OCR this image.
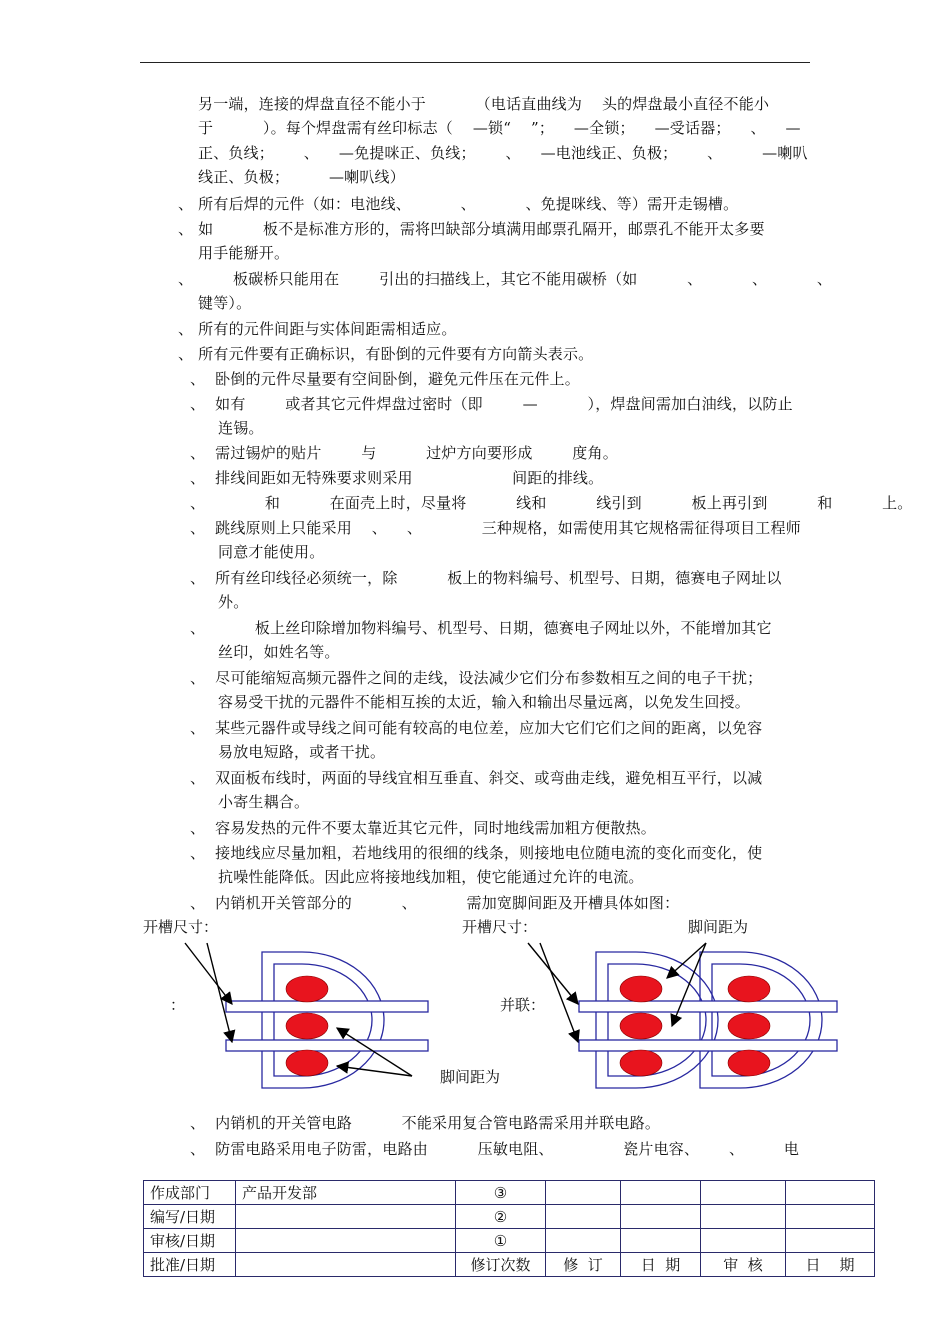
另一端，连接的焊盘直径不能小于          （电话直曲线为    头的焊盘最小直径不能小
于          ）。每个焊盘需有丝印标志（    —锁“    ”；    —全锁；    —受话器；    、    —
正、负线；      、    —免提咪正、负线；      、    —电池线正、负极；      、        —喇叭
线正、负极；        —喇叭线）
、 所有后焊的元件（如：电池线、          、          、免提咪线、等）需开走锡槽。
、 如          板不是标准方形的，需将凹缺部分填满用邮票孔隔开，邮票孔不能开太多要
用手能掰开。
、        板碳桥只能用在        引出的扫描线上，其它不能用碳桥（如          、          、          、
键等）。
、 所有的元件间距与实体间距需相适应。
、 所有元件要有正确标识，有卧倒的元件要有方向箭头表示。
、  卧倒的元件尽量要有空间卧倒，避免元件压在元件上。
、  如有        或者其它元件焊盘过密时（即        —          ），焊盘间需加白油线，以防止
连锡。
、  需过锡炉的贴片        与          过炉方向要形成        度角。
、  排线间距如无特殊要求则采用                    间距的排线。
、            和          在面壳上时，尽量将          线和          线引到          板上再引到          和          上。
、  跳线原则上只能采用    、    、            三种规格，如需使用其它规格需征得项目工程师
同意才能使用。
、  所有丝印线径必须统一，除          板上的物料编号、机型号、日期，德赛电子网址以
外。
、          板上丝印除增加物料编号、机型号、日期，德赛电子网址以外，不能增加其它
丝印，如姓名等。
、  尽可能缩短高频元器件之间的走线，设法减少它们分布参数相互之间的电子干扰；
容易受干扰的元器件不能相互挨的太近，输入和输出尽量远离，以免发生回授。
、  某些元器件或导线之间可能有较高的电位差，应加大它们它们之间的距离，以免容
易放电短路，或者干扰。
、  双面板布线时，两面的导线宜相互垂直、斜交、或弯曲走线，避免相互平行，以减
小寄生耦合。
、  容易发热的元件不要太靠近其它元件，同时地线需加粗方便散热。
、  接地线应尽量加粗，若地线用的很细的线条，则接地电位随电流的变化而变化，使
抗噪性能降低。因此应将接地线加粗，使它能通过允许的电流。
、  内销机开关管部分的          、          需加宽脚间距及开槽具体如图：
、  内销机的开关管电路          不能采用复合管电路需采用并联电路。
、  防雷电路采用电子防雷，电路由          压敏电阻、              瓷片电容、      、        电
开槽尺寸：
：
脚间距为
开槽尺寸：	脚间距为
并联：
作成部门	产品开发部	③				
编写/日期		②				
审核/日期		①				
批准/日期		修订次数	修  订	日  期	审  核	日    期
